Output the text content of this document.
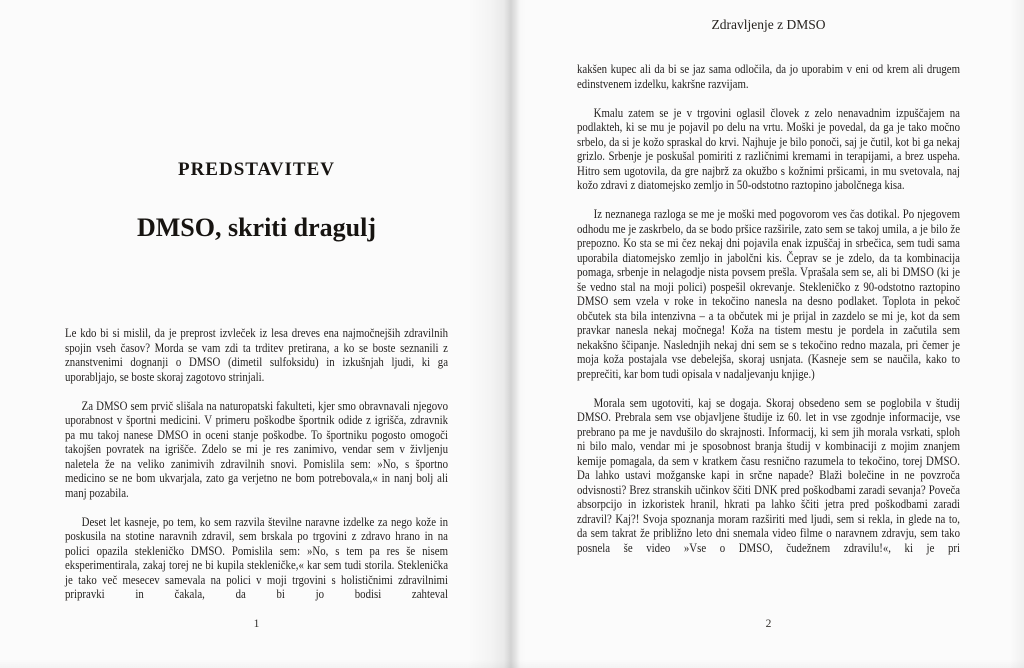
PREDSTAVITEV
DMSO, skriti dragulj

Le kdo bi si mislil, da je preprost izvleček iz lesa dreves ena najmočnejših zdravilnih spojin vseh časov? Morda se vam zdi ta trditev pretirana, a ko se boste seznanili z znanstvenimi dognanji o DMSO (dimetil sulfoksidu) in izkušnjah ljudi, ki ga uporabljajo, se boste skoraj zagotovo strinjali.

Za DMSO sem prvič slišala na naturopatski fakulteti, kjer smo obravnavali njegovo uporabnost v športni medicini. V primeru poškodbe športnik odide z igrišča, zdravnik pa mu takoj nanese DMSO in oceni stanje poškodbe. To športniku pogosto omogoči takojšen povratek na igrišče. Zdelo se mi je res zanimivo, vendar sem v življenju naletela že na veliko zanimivih zdravilnih snovi. Pomislila sem: »No, s športno medicino se ne bom ukvarjala, zato ga verjetno ne bom potrebovala,« in nanj bolj ali manj pozabila.

Deset let kasneje, po tem, ko sem razvila številne naravne izdelke za nego kože in poskusila na stotine naravnih zdravil, sem brskala po trgovini z zdravo hrano in na polici opazila stekleničko DMSO. Pomislila sem: »No, s tem pa res še nisem eksperimentirala, zakaj torej ne bi kupila stekleničke,« kar sem tudi storila. Steklenička je tako več mesecev samevala na polici v moji trgovini s holističnimi zdravilnimi pripravki in čakala, da bi jo bodisi zahteval

1
Zdravljenje z DMSO

kakšen kupec ali da bi se jaz sama odločila, da jo uporabim v eni od krem ali drugem edinstvenem izdelku, kakršne razvijam.

Kmalu zatem se je v trgovini oglasil človek z zelo nenavadnim izpuščajem na podlakteh, ki se mu je pojavil po delu na vrtu. Moški je povedal, da ga je tako močno srbelo, da si je kožo spraskal do krvi. Najhuje je bilo ponoči, saj je čutil, kot bi ga nekaj grizlo. Srbenje je poskušal pomiriti z različnimi kremami in terapijami, a brez uspeha. Hitro sem ugotovila, da gre najbrž za okužbo s kožnimi pršicami, in mu svetovala, naj kožo zdravi z diatomejsko zemljo in 50-odstotno raztopino jabolčnega kisa.

Iz neznanega razloga se me je moški med pogovorom ves čas dotikal. Po njegovem odhodu me je zaskrbelo, da se bodo pršice razširile, zato sem se takoj umila, a je bilo že prepozno. Ko sta se mi čez nekaj dni pojavila enak izpuščaj in srbečica, sem tudi sama uporabila diatomejsko zemljo in jabolčni kis. Čeprav se je zdelo, da ta kombinacija pomaga, srbenje in nelagodje nista povsem prešla. Vprašala sem se, ali bi DMSO (ki je še vedno stal na moji polici) pospešil okrevanje. Stekleničko z 90-odstotno raztopino DMSO sem vzela v roke in tekočino nanesla na desno podlaket. Toplota in pekoč občutek sta bila intenzivna – a ta občutek mi je prijal in zazdelo se mi je, kot da sem pravkar nanesla nekaj močnega! Koža na tistem mestu je pordela in začutila sem nekakšno ščipanje. Naslednjih nekaj dni sem se s tekočino redno mazala, pri čemer je moja koža postajala vse debelejša, skoraj usnjata. (Kasneje sem se naučila, kako to preprečiti, kar bom tudi opisala v nadaljevanju knjige.)

Morala sem ugotoviti, kaj se dogaja. Skoraj obsedeno sem se poglobila v študij DMSO. Prebrala sem vse objavljene študije iz 60. let in vse zgodnje informacije, vse prebrano pa me je navdušilo do skrajnosti. Informacij, ki sem jih morala vsrkati, sploh ni bilo malo, vendar mi je sposobnost branja študij v kombinaciji z mojim znanjem kemije pomagala, da sem v kratkem času resnično razumela to tekočino, torej DMSO. Da lahko ustavi možganske kapi in srčne napade? Blaži bolečine in ne povzroča odvisnosti? Brez stranskih učinkov ščiti DNK pred poškodbami zaradi sevanja? Poveča absorpcijo in izkoristek hranil, hkrati pa lahko ščiti jetra pred poškodbami zaradi zdravil? Kaj?! Svoja spoznanja moram razširiti med ljudi, sem si rekla, in glede na to, da sem takrat že približno leto dni snemala video filme o naravnem zdravju, sem tako posnela še video »Vse o DMSO, čudežnem zdravilu!«, ki je pri

2
